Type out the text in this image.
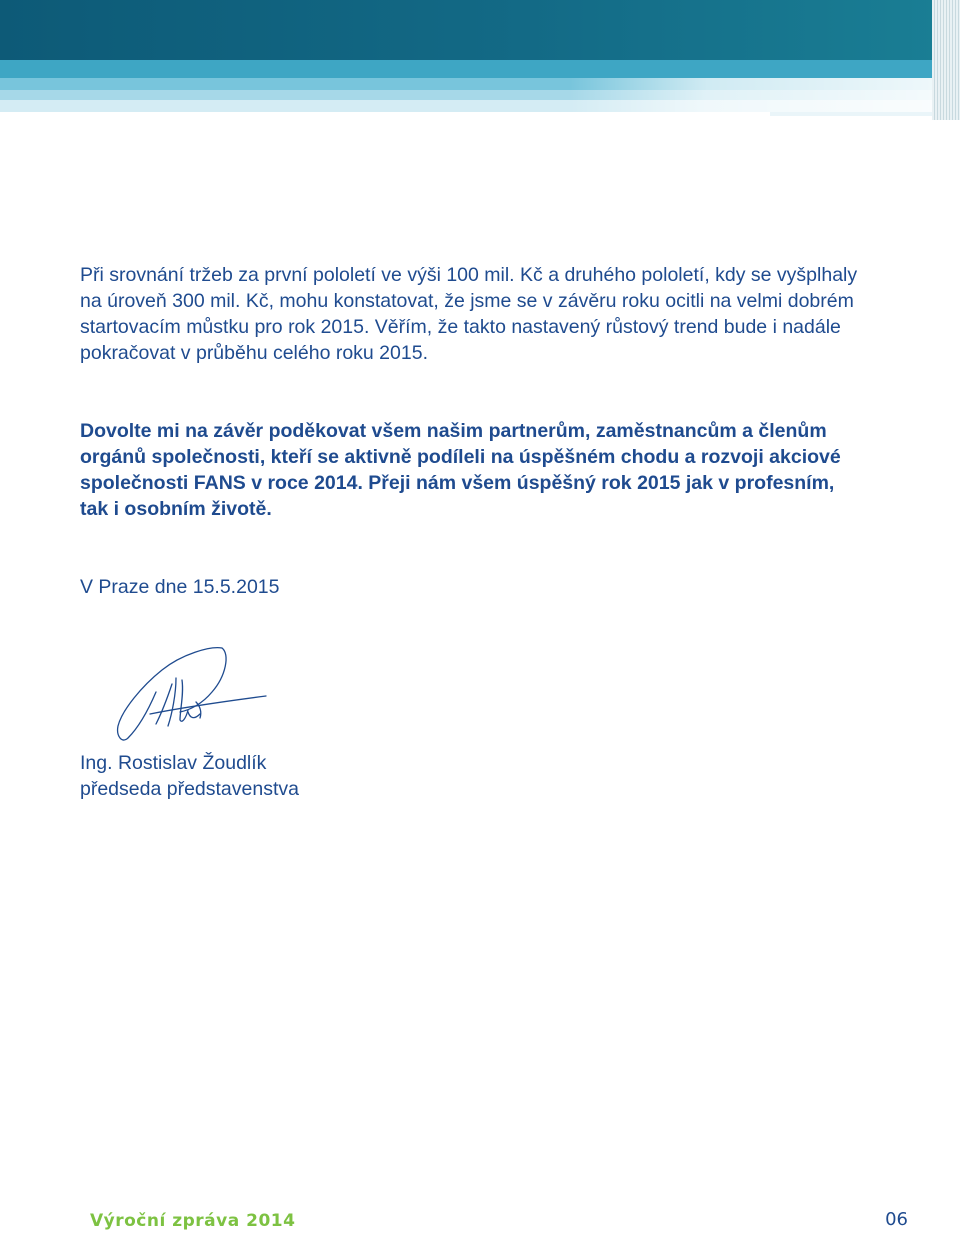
Při srovnání tržeb za první pololetí ve výši 100 mil. Kč a druhého pololetí, kdy se vyšplhaly na úroveň 300 mil. Kč, mohu konstatovat, že jsme se v závěru roku ocitli na velmi dobrém startovacím můstku pro rok 2015. Věřím, že takto nastavený růstový trend bude i nadále pokračovat v průběhu celého roku 2015.

Dovolte mi na závěr poděkovat všem našim partnerům, zaměstnancům a členům orgánů společnosti, kteří se aktivně podíleli na úspěšném chodu a rozvoji akciové společnosti FANS v roce 2014. Přeji nám všem úspěšný rok 2015 jak v profesním, tak i osobním životě.

V Praze dne 15.5.2015

Ing. Rostislav Žoudlík
předseda představenstva
Výroční zpráva 2014	06
